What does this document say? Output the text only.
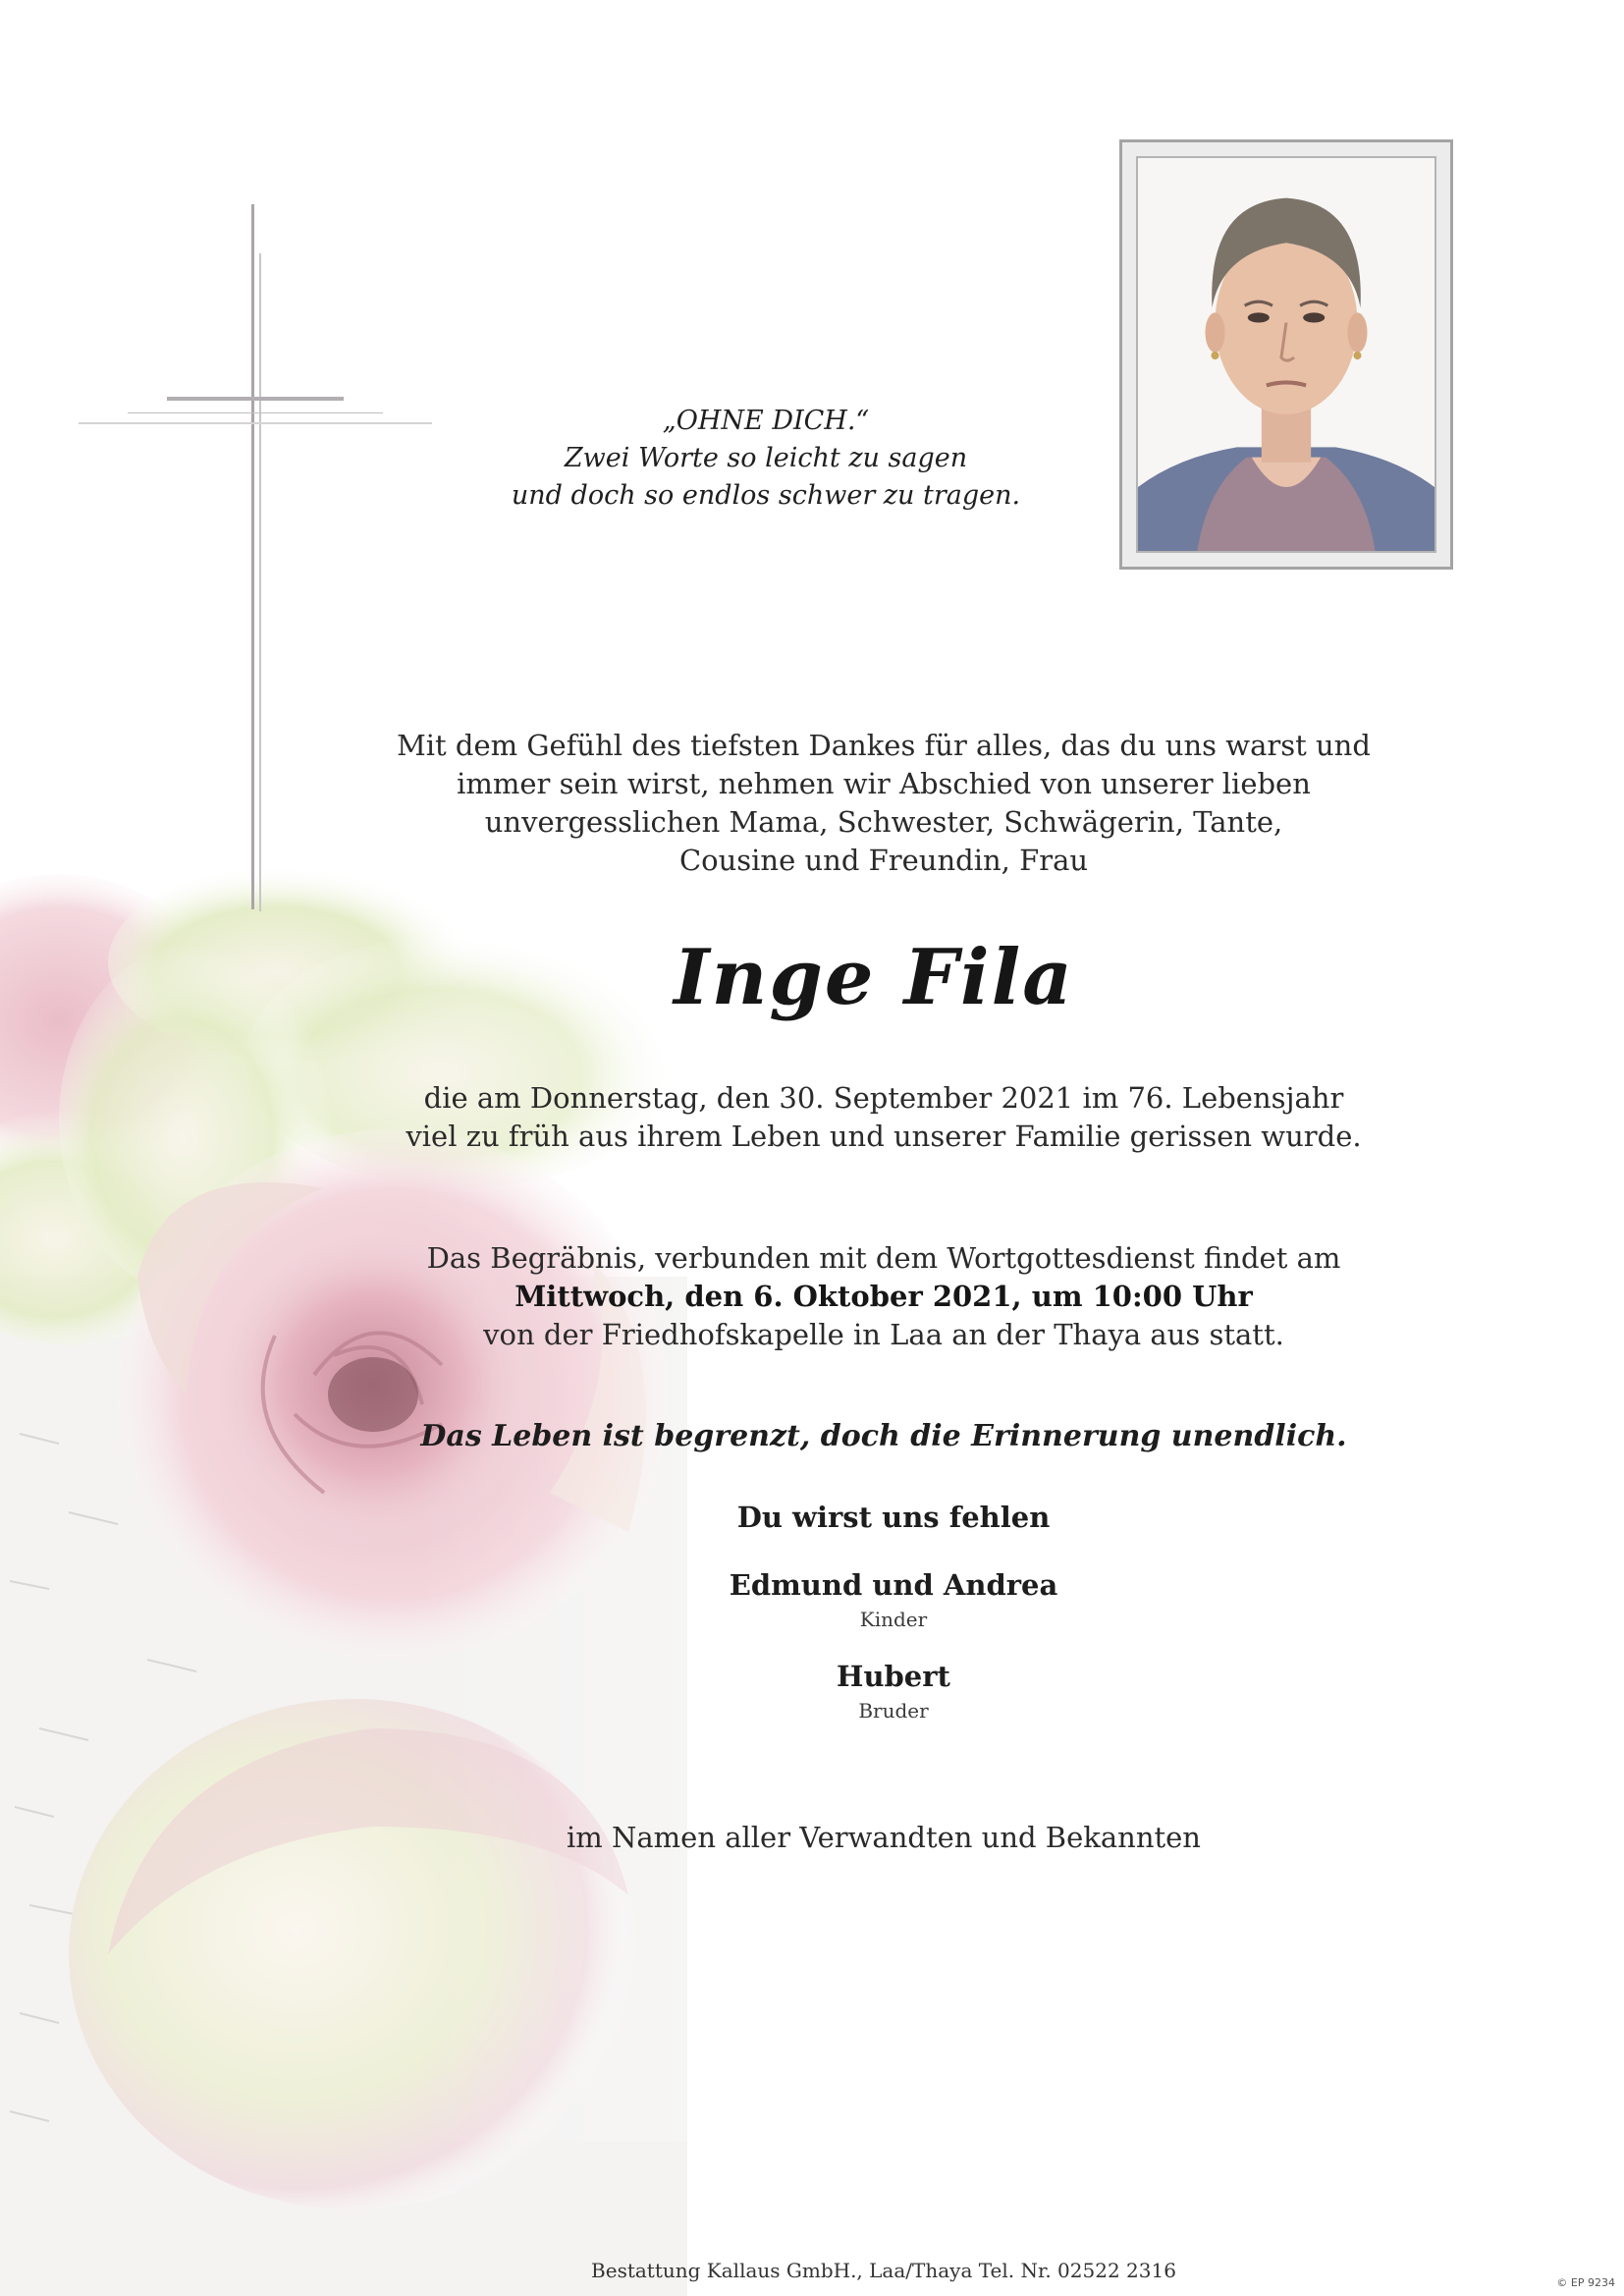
„OHNE DICH.“
Zwei Worte so leicht zu sagen
und doch so endlos schwer zu tragen.
Mit dem Gefühl des tiefsten Dankes für alles, das du uns warst und
immer sein wirst, nehmen wir Abschied von unserer lieben
unvergesslichen Mama, Schwester, Schwägerin, Tante,
Cousine und Freundin, Frau
Inge Fila
die am Donnerstag, den 30. September 2021 im 76. Lebensjahr
viel zu früh aus ihrem Leben und unserer Familie gerissen wurde.
Das Begräbnis, verbunden mit dem Wortgottesdienst findet am
Mittwoch, den 6. Oktober 2021, um 10:00 Uhr
von der Friedhofskapelle in Laa an der Thaya aus statt.
Das Leben ist begrenzt, doch die Erinnerung unendlich.
Du wirst uns fehlen
Edmund und Andrea
Kinder
Hubert
Bruder
im Namen aller Verwandten und Bekannten
Bestattung Kallaus GmbH., Laa/Thaya Tel. Nr. 02522 2316
© EP 9234
